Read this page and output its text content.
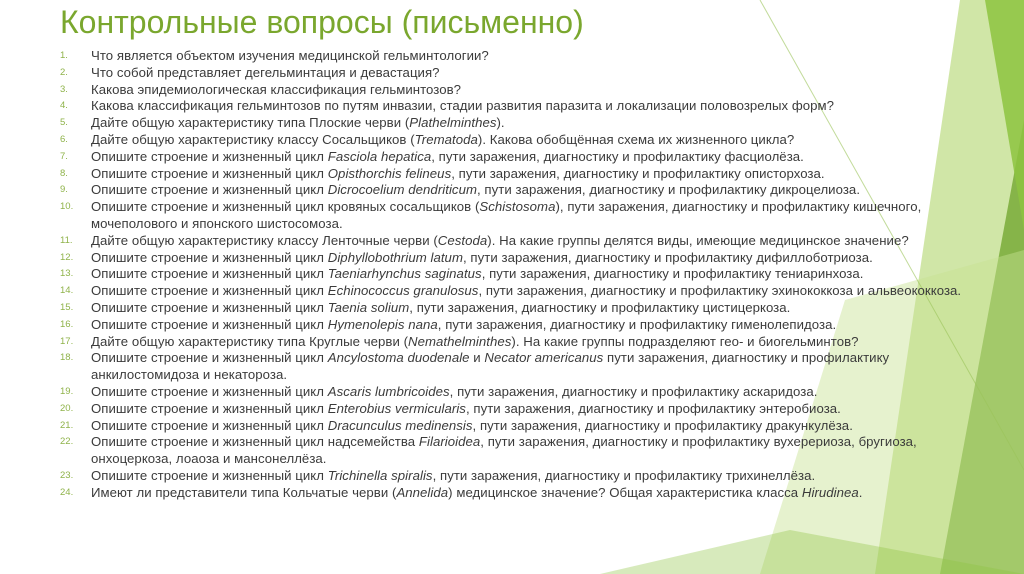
Контрольные вопросы (письменно)
1.	Что является объектом изучения медицинской гельминтологии?
2.	Что собой представляет дегельминтация и девастация?
3.	Какова эпидемиологическая классификация гельминтозов?
4.	Какова классификация гельминтозов по путям инвазии, стадии развития паразита и локализации половозрелых форм?
5.	Дайте общую характеристику типа Плоские черви (Plathelminthes).
6.	Дайте общую характеристику классу Сосальщиков (Trematoda). Какова обобщённая схема их жизненного цикла?
7.	Опишите строение и жизненный цикл Fasciola hepatica, пути заражения, диагностику и профилактику фасциолёза.
8.	Опишите строение и жизненный цикл Opisthorchis felineus, пути заражения, диагностику и профилактику описторхоза.
9.	Опишите строение и жизненный цикл Dicrocoelium dendriticum, пути заражения, диагностику и профилактику дикроцелиоза.
10.	Опишите строение и жизненный цикл кровяных сосальщиков (Schistosoma), пути заражения, диагностику и профилактику кишечного, мочеполового и японского шистосомоза.
11.	Дайте общую характеристику классу Ленточные черви (Cestoda). На какие группы делятся виды, имеющие медицинское значение?
12.	Опишите строение и жизненный цикл Diphyllobothrium latum, пути заражения, диагностику и профилактику дифиллоботриоза.
13.	Опишите строение и жизненный цикл Taeniarhynchus saginatus, пути заражения, диагностику и профилактику тениаринхоза.
14.	Опишите строение и жизненный цикл Echinococcus granulosus, пути заражения, диагностику и профилактику эхинококкоза и альвеококкоза.
15.	Опишите строение и жизненный цикл Taenia solium, пути заражения, диагностику и профилактику цистицеркоза.
16.	Опишите строение и жизненный цикл Hymenolepis nana, пути заражения, диагностику и профилактику гименолепидоза.
17.	Дайте общую характеристику типа Круглые черви (Nemathelminthes). На какие группы подразделяют гео- и биогельминтов?
18.	Опишите строение и жизненный цикл Ancylostoma duodenale и Necator americanus пути заражения, диагностику и профилактику анкилостомидоза и некатороза.
19.	Опишите строение и жизненный цикл Ascaris lumbricoides, пути заражения, диагностику и профилактику аскаридоза.
20.	Опишите строение и жизненный цикл Enterobius vermicularis, пути заражения, диагностику и профилактику энтеробиоза.
21.	Опишите строение и жизненный цикл Dracunculus medinensis, пути заражения, диагностику и профилактику дракункулёза.
22.	Опишите строение и жизненный цикл надсемейства Filarioidea, пути заражения, диагностику и профилактику вухерериоза, бругиоза, онхоцеркоза, лоаоза и мансонеллёза.
23.	Опишите строение и жизненный цикл Trichinella spiralis, пути заражения, диагностику и профилактику трихинеллёза.
24.	Имеют ли представители типа Кольчатые черви (Annelida) медицинское значение? Общая характеристика класса Hirudinea.
